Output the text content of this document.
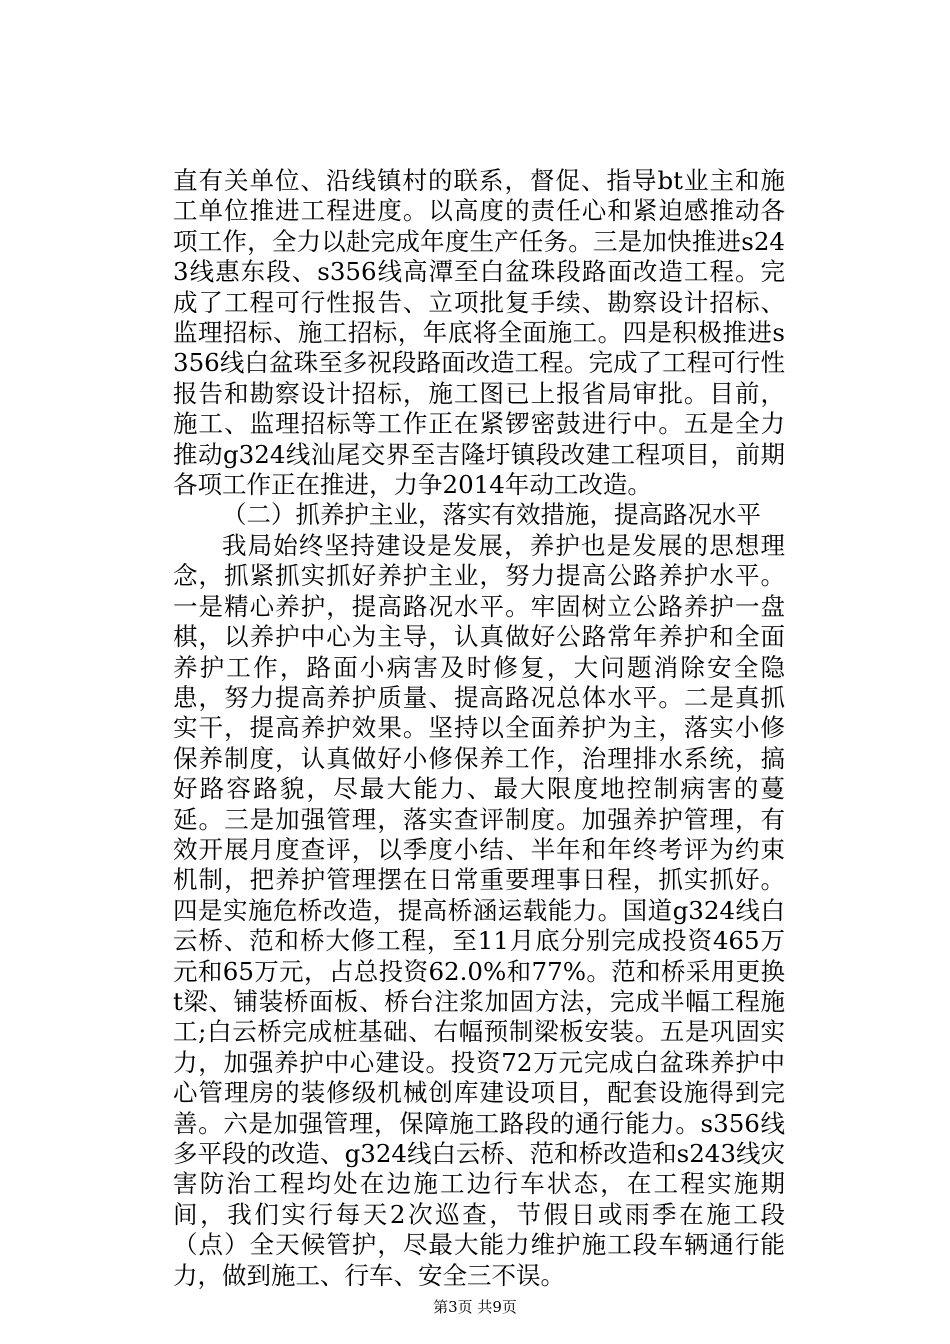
直有关单位、沿线镇村的联系，督促、指导bt业主和施工单位推进工程进度。以高度的责任心和紧迫感推动各项工作，全力以赴完成年度生产任务。三是加快推进s243线惠东段、s356线高潭至白盆珠段路面改造工程。完成了工程可行性报告、立项批复手续、勘察设计招标、监理招标、施工招标，年底将全面施工。四是积极推进s356线白盆珠至多祝段路面改造工程。完成了工程可行性报告和勘察设计招标，施工图已上报省局审批。目前，施工、监理招标等工作正在紧锣密鼓进行中。五是全力推动g324线汕尾交界至吉隆圩镇段改建工程项目，前期各项工作正在推进，力争2014年动工改造。

（二）抓养护主业，落实有效措施，提高路况水平

我局始终坚持建设是发展，养护也是发展的思想理念，抓紧抓实抓好养护主业，努力提高公路养护水平。一是精心养护，提高路况水平。牢固树立公路养护一盘棋，以养护中心为主导，认真做好公路常年养护和全面养护工作，路面小病害及时修复，大问题消除安全隐患，努力提高养护质量、提高路况总体水平。二是真抓实干，提高养护效果。坚持以全面养护为主，落实小修保养制度，认真做好小修保养工作，治理排水系统，搞好路容路貌，尽最大能力、最大限度地控制病害的蔓延。三是加强管理，落实查评制度。加强养护管理，有效开展月度查评，以季度小结、半年和年终考评为约束机制，把养护管理摆在日常重要理事日程，抓实抓好。四是实施危桥改造，提高桥涵运载能力。国道g324线白云桥、范和桥大修工程，至11月底分别完成投资465万元和65万元，占总投资62.0%和77%。范和桥采用更换t梁、铺装桥面板、桥台注浆加固方法，完成半幅工程施工;白云桥完成桩基础、右幅预制梁板安装。五是巩固实力，加强养护中心建设。投资72万元完成白盆珠养护中心管理房的装修级机械创库建设项目，配套设施得到完善。六是加强管理，保障施工路段的通行能力。s356线多平段的改造、g324线白云桥、范和桥改造和s243线灾害防治工程均处在边施工边行车状态，在工程实施期间，我们实行每天2次巡查，节假日或雨季在施工段（点）全天候管护，尽最大能力维护施工段车辆通行能力，做到施工、行车、安全三不误。

第3页 共9页
